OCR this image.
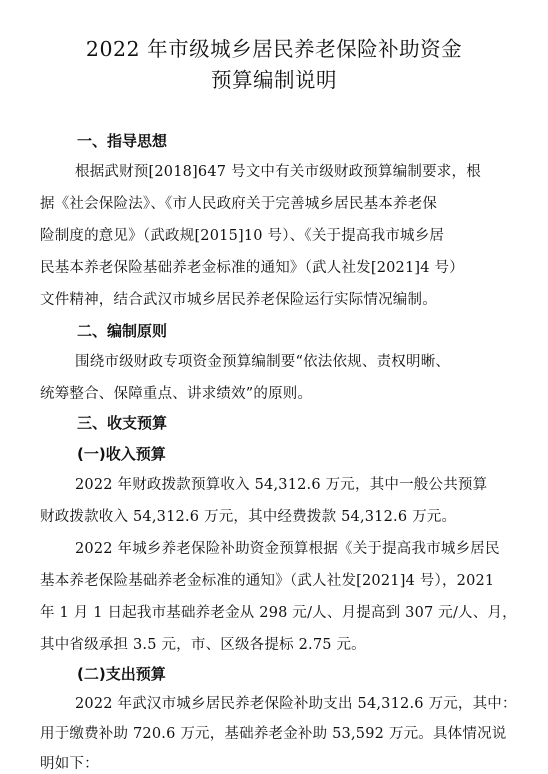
2022 年市级城乡居民养老保险补助资金
预算编制说明
一、指导思想
根据武财预[2018]647 号文中有关市级财政预算编制要求，根
据《社会保险法》、《市人民政府关于完善城乡居民基本养老保
险制度的意见》（武政规[2015]10 号）、《关于提高我市城乡居
民基本养老保险基础养老金标准的通知》（武人社发[2021]4 号）
文件精神，结合武汉市城乡居民养老保险运行实际情况编制。
二、编制原则
围绕市级财政专项资金预算编制要“依法依规、责权明晰、
统筹整合、保障重点、讲求绩效”的原则。
三、收支预算
(一)收入预算
2022 年财政拨款预算收入 54,312.6 万元，其中一般公共预算
财政拨款收入 54,312.6 万元，其中经费拨款 54,312.6 万元。
2022 年城乡养老保险补助资金预算根据《关于提高我市城乡居民
基本养老保险基础养老金标准的通知》（武人社发[2021]4 号），2021
年 1 月 1 日起我市基础养老金从 298 元/人、月提高到 307 元/人、月，
其中省级承担 3.5 元，市、区级各提标 2.75 元。
(二)支出预算
2022 年武汉市城乡居民养老保险补助支出 54,312.6 万元，其中：
用于缴费补助 720.6 万元，基础养老金补助 53,592 万元。具体情况说
明如下：
